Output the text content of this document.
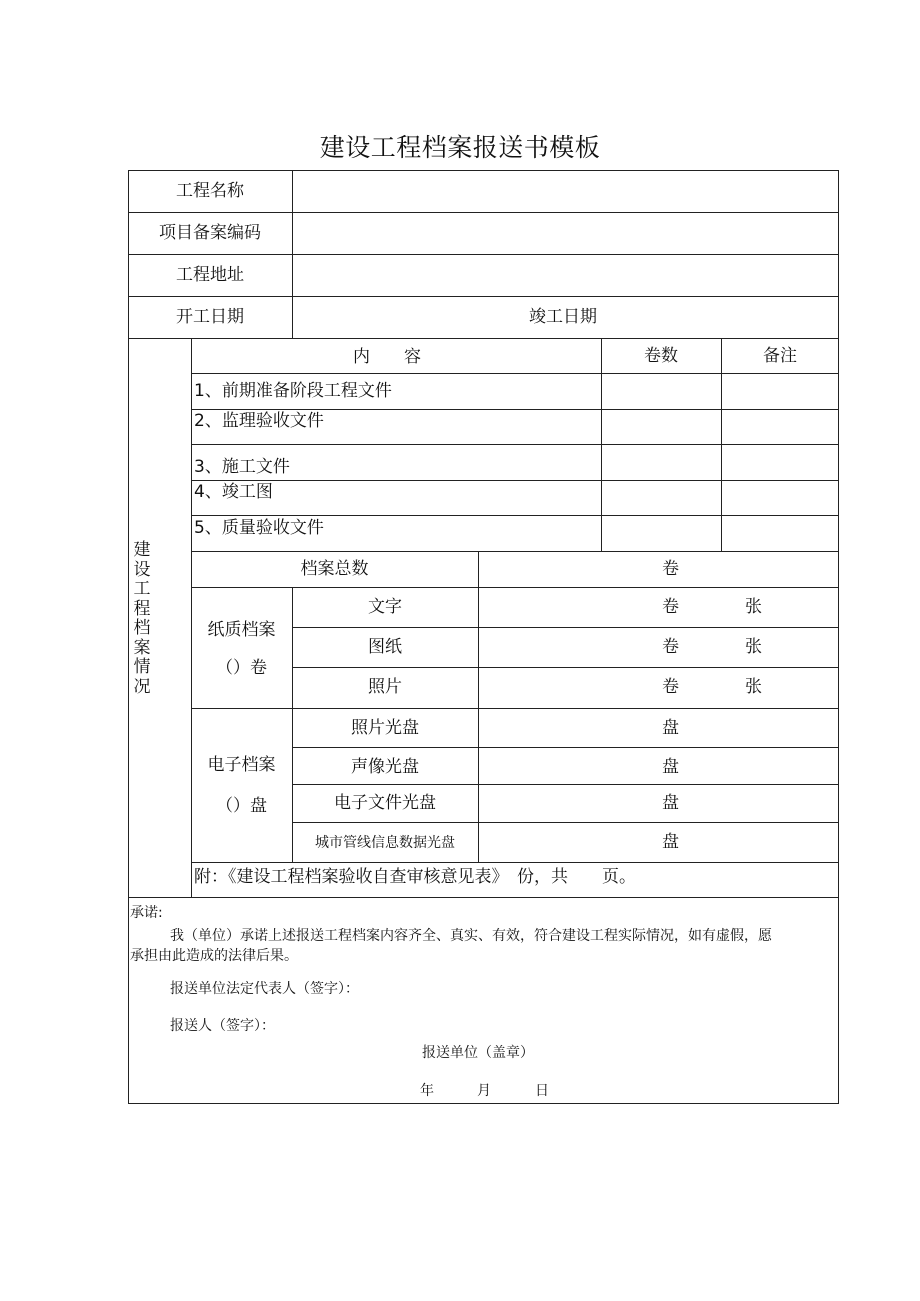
建设工程档案报送书模板
工程名称
项目备案编码
工程地址
开工日期	竣工日期
建设工程档案情况
内　　容	卷数	备注
1、前期准备阶段工程文件
2、监理验收文件
3、施工文件
4、竣工图
5、质量验收文件
档案总数	卷
纸质档案
（）卷
文字	卷	张
图纸	卷	张
照片	卷	张
电子档案
（）盘
照片光盘	盘
声像光盘	盘
电子文件光盘	盘
城市管线信息数据光盘	盘
附：《建设工程档案验收自查审核意见表》　份，共　　页。
承诺:
我（单位）承诺上述报送工程档案内容齐全、真实、有效，符合建设工程实际情况，如有虚假，愿
承担由此造成的法律后果。
报送单位法定代表人（签字）：
报送人（签字）：
报送单位（盖章）
年	月	日
